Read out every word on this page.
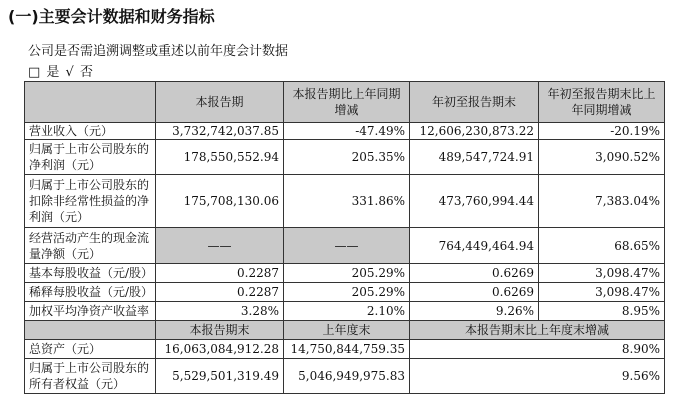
(一)主要会计数据和财务指标
公司是否需追溯调整或重述以前年度会计数据
□ 是 √ 否
	本报告期	本报告期比上年同期增减	年初至报告期末	年初至报告期末比上年同期增减
营业收入（元）	3,732,742,037.85	-47.49%	12,606,230,873.22	-20.19%
归属于上市公司股东的净利润（元）	178,550,552.94	205.35%	489,547,724.91	3,090.52%
归属于上市公司股东的扣除非经常性损益的净利润（元）	175,708,130.06	331.86%	473,760,994.44	7,383.04%
经营活动产生的现金流量净额（元）	——	——	764,449,464.94	68.65%
基本每股收益（元/股）	0.2287	205.29%	0.6269	3,098.47%
稀释每股收益（元/股）	0.2287	205.29%	0.6269	3,098.47%
加权平均净资产收益率	3.28%	2.10%	9.26%	8.95%
	本报告期末	上年度末	本报告期末比上年度末增减	
总资产（元）	16,063,084,912.28	14,750,844,759.35	8.90%	
归属于上市公司股东的所有者权益（元）	5,529,501,319.49	5,046,949,975.83	9.56%	
